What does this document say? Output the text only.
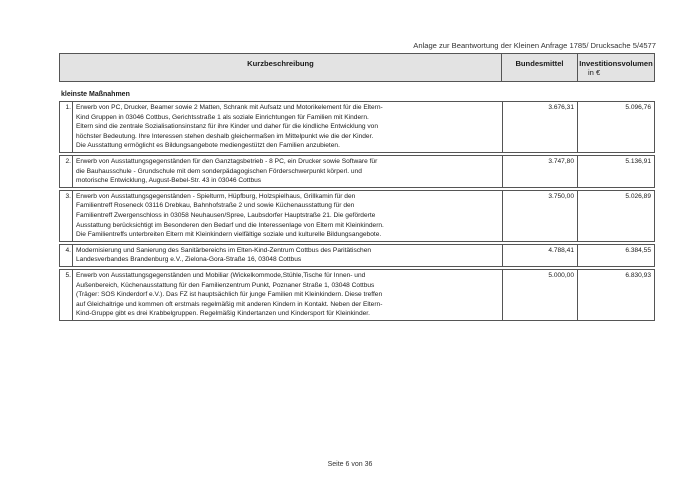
Anlage zur Beantwortung der Kleinen Anfrage 1785/ Drucksache 5/4577
Kurzbeschreibung	Bundesmittel	Investitionsvolumen
in €
kleinste Maßnahmen
1. Erwerb von PC, Drucker, Beamer sowie 2 Matten, Schrank mit Aufsatz und Motorikelement für die Eltern-
Kind Gruppen in 03046 Cottbus, Gerichtsstraße 1 als soziale Einrichtungen für Familien mit Kindern.
Eltern sind die zentrale Sozialisationsinstanz für ihre Kinder und daher für die kindliche Entwicklung von
höchster Bedeutung. Ihre Interessen stehen deshalb gleichermaßen im Mittelpunkt wie die der Kinder.
Die Ausstattung ermöglicht es Bildungsangebote mediengestützt den Familien anzubieten.
3.676,31	5.096,76
2. Erwerb von Ausstattungsgegenständen für den Ganztagsbetrieb - 8 PC, ein Drucker sowie Software für
die Bauhausschule - Grundschule mit dem sonderpädagogischen Förderschwerpunkt körperl. und
motorische Entwicklung, August-Bebel-Str. 43 in 03046 Cottbus
3.747,80	5.136,91
3. Erwerb von Ausstattungsgegenständen - Spielturm, Hüpfburg, Holzspielhaus, Grillkamin für den
Familientreff Roseneck 03116 Drebkau, Bahnhofstraße 2 und sowie Küchenausstattung für den
Familientreff Zwergenschloss in 03058 Neuhausen/Spree, Laubsdorfer Hauptstraße 21. Die geförderte
Ausstattung berücksichtigt im Besonderen den Bedarf und die Interessenlage von Eltern mit Kleinkindern.
Die Familientreffs unterbreiten Eltern mit Kleinkindern vielfältige soziale und kulturelle Bildungsangebote.
3.750,00	5.026,89
4. Modernisierung und Sanierung des Sanitärbereichs im Elten-Kind-Zentrum Cottbus des Paritätischen
Landesverbandes Brandenburg e.V., Zielona-Gora-Straße 16, 03048 Cottbus
4.788,41	6.384,55
5. Erwerb von Ausstattungsgegenständen und Mobiliar (Wickelkommode,Stühle,Tische für Innen- und
Außenbereich, Küchenausstattung für den Familienzentrum Punkt, Poznaner Straße 1, 03048 Cottbus
(Träger: SOS Kinderdorf e.V.). Das FZ ist hauptsächlich für junge Familien mit Kleinkindern. Diese treffen
auf Gleichaltrige und kommen oft erstmals regelmäßig mit anderen Kindern in Kontakt. Neben der Eltern-
Kind-Gruppe gibt es drei Krabbelgruppen. Regelmäßig Kindertanzen und Kindersport für Kleinkinder.
5.000,00	6.830,93
Seite 6 von 36
